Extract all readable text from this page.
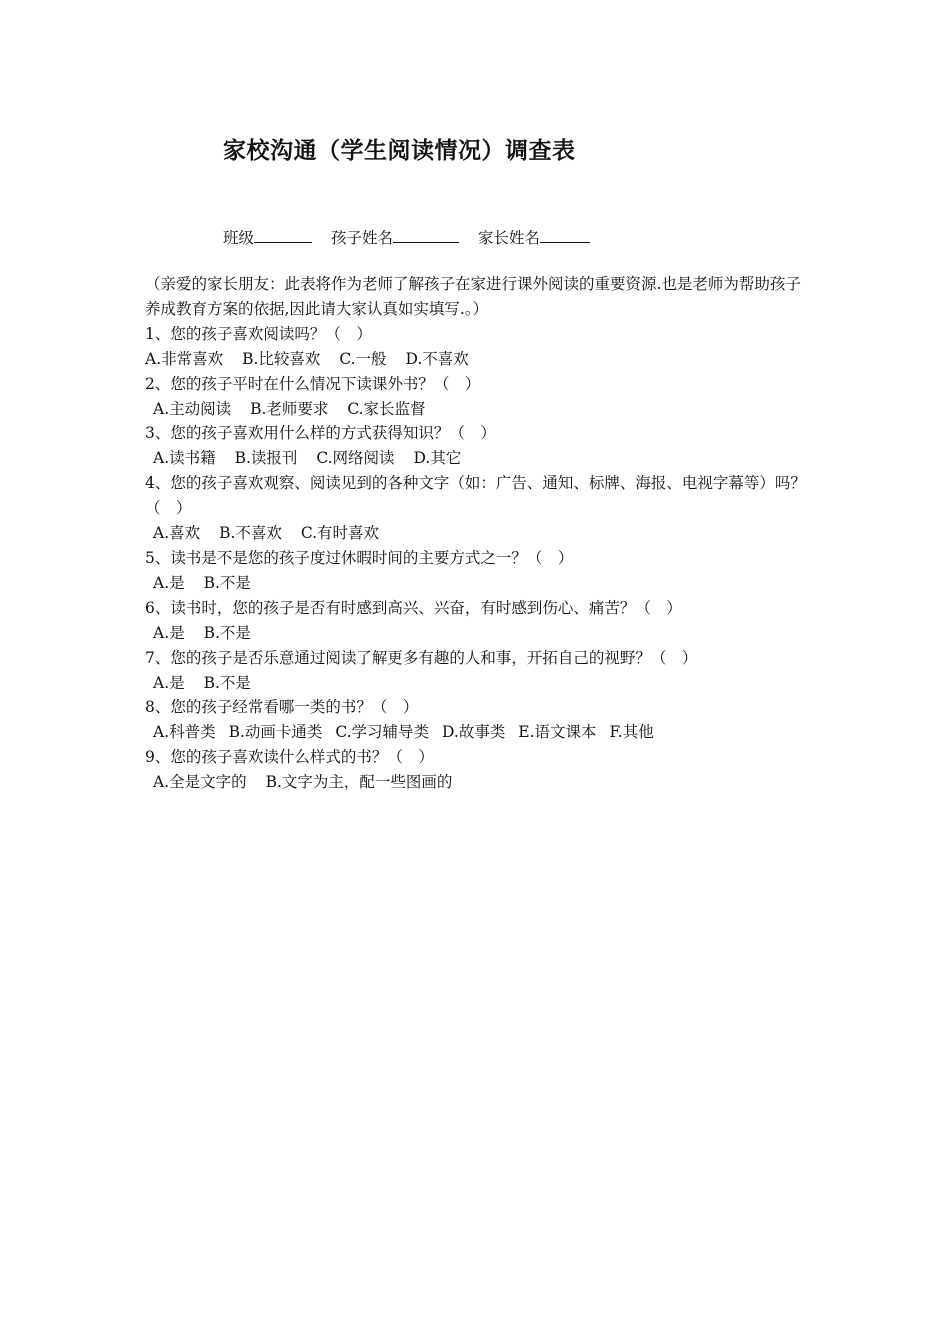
家校沟通（学生阅读情况）调查表
班级	孩子姓名	家长姓名
（亲爱的家长朋友：此表将作为老师了解孩子在家进行课外阅读的重要资源.也是老师为帮助孩子养成教育方案的依据,因此请大家认真如实填写.。）
1、您的孩子喜欢阅读吗？（　）
A.非常喜欢 B.比较喜欢 C.一般 D.不喜欢
2、您的孩子平时在什么情况下读课外书？（　）
A.主动阅读 B.老师要求 C.家长监督
3、您的孩子喜欢用什么样的方式获得知识？（　）
A.读书籍 B.读报刊 C.网络阅读 D.其它
4、您的孩子喜欢观察、阅读见到的各种文字（如：广告、通知、标牌、海报、电视字幕等）吗？（　）
A.喜欢 B.不喜欢 C.有时喜欢
5、读书是不是您的孩子度过休暇时间的主要方式之一？（　）
A.是 B.不是
6、读书时，您的孩子是否有时感到高兴、兴奋，有时感到伤心、痛苦？（　）
A.是 B.不是
7、您的孩子是否乐意通过阅读了解更多有趣的人和事，开拓自己的视野？（　）
A.是 B.不是
8、您的孩子经常看哪一类的书？（　）
A.科普类 B.动画卡通类 C.学习辅导类 D.故事类 E.语文课本 F.其他
9、您的孩子喜欢读什么样式的书？（　）
A.全是文字的 B.文字为主，配一些图画的
